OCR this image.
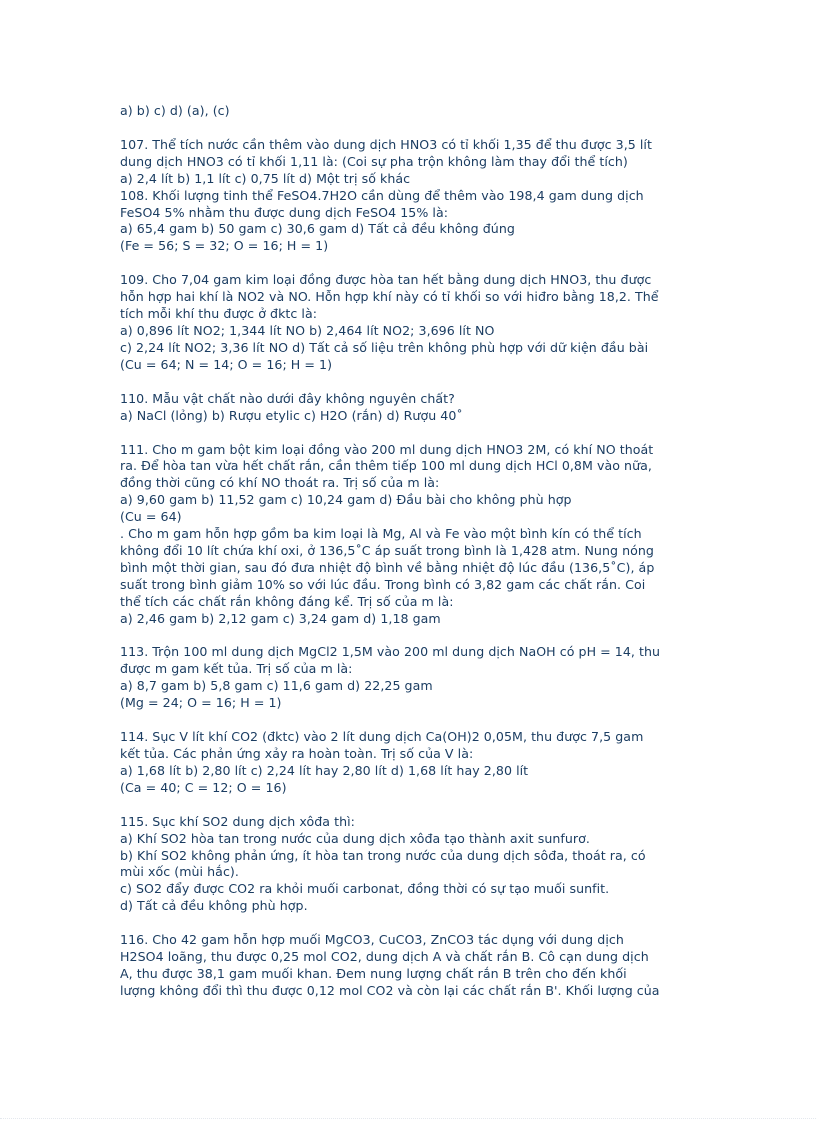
a) b) c) d) (a), (c)
107. Thể tích nước cần thêm vào dung dịch HNO3 có tỉ khối 1,35 để thu được 3,5 lít
dung dịch HNO3 có tỉ khối 1,11 là: (Coi sự pha trộn không làm thay đổi thể tích)
a) 2,4 lít b) 1,1 lít c) 0,75 lít d) Một trị số khác
108. Khối lượng tinh thể FeSO4.7H2O cần dùng để thêm vào 198,4 gam dung dịch
FeSO4 5% nhằm thu được dung dịch FeSO4 15% là:
a) 65,4 gam b) 50 gam c) 30,6 gam d) Tất cả đều không đúng
(Fe = 56; S = 32; O = 16; H = 1)
109. Cho 7,04 gam kim loại đồng được hòa tan hết bằng dung dịch HNO3, thu được
hỗn hợp hai khí là NO2 và NO. Hỗn hợp khí này có tỉ khối so với hiđro bằng 18,2. Thể
tích mỗi khí thu được ở đktc là:
a) 0,896 lít NO2; 1,344 lít NO b) 2,464 lít NO2; 3,696 lít NO
c) 2,24 lít NO2; 3,36 lít NO d) Tất cả số liệu trên không phù hợp với dữ kiện đầu bài
(Cu = 64; N = 14; O = 16; H = 1)
110. Mẫu vật chất nào dưới đây không nguyên chất?
a) NaCl (lỏng) b) Rượu etylic c) H2O (rắn) d) Rượu 40˚
111. Cho m gam bột kim loại đồng vào 200 ml dung dịch HNO3 2M, có khí NO thoát
ra. Để hòa tan vừa hết chất rắn, cần thêm tiếp 100 ml dung dịch HCl 0,8M vào nữa,
đồng thời cũng có khí NO thoát ra. Trị số của m là:
a) 9,60 gam b) 11,52 gam c) 10,24 gam d) Đầu bài cho không phù hợp
(Cu = 64)
. Cho m gam hỗn hợp gồm ba kim loại là Mg, Al và Fe vào một bình kín có thể tích
không đổi 10 lít chứa khí oxi, ở 136,5˚C áp suất trong bình là 1,428 atm. Nung nóng
bình một thời gian, sau đó đưa nhiệt độ bình về bằng nhiệt độ lúc đầu (136,5˚C), áp
suất trong bình giảm 10% so với lúc đầu. Trong bình có 3,82 gam các chất rắn. Coi
thể tích các chất rắn không đáng kể. Trị số của m là:
a) 2,46 gam b) 2,12 gam c) 3,24 gam d) 1,18 gam
113. Trộn 100 ml dung dịch MgCl2 1,5M vào 200 ml dung dịch NaOH có pH = 14, thu
được m gam kết tủa. Trị số của m là:
a) 8,7 gam b) 5,8 gam c) 11,6 gam d) 22,25 gam
(Mg = 24; O = 16; H = 1)
114. Sục V lít khí CO2 (đktc) vào 2 lít dung dịch Ca(OH)2 0,05M, thu được 7,5 gam
kết tủa. Các phản ứng xảy ra hoàn toàn. Trị số của V là:
a) 1,68 lít b) 2,80 lít c) 2,24 lít hay 2,80 lít d) 1,68 lít hay 2,80 lít
(Ca = 40; C = 12; O = 16)
115. Sục khí SO2 dung dịch xôđa thì:
a) Khí SO2 hòa tan trong nước của dung dịch xôđa tạo thành axit sunfurơ.
b) Khí SO2 không phản ứng, ít hòa tan trong nước của dung dịch sôđa, thoát ra, có
mùi xốc (mùi hắc).
c) SO2 đẩy được CO2 ra khỏi muối carbonat, đồng thời có sự tạo muối sunfit.
d) Tất cả đều không phù hợp.
116. Cho 42 gam hỗn hợp muối MgCO3, CuCO3, ZnCO3 tác dụng với dung dịch
H2SO4 loãng, thu được 0,25 mol CO2, dung dịch A và chất rắn B. Cô cạn dung dịch
A, thu được 38,1 gam muối khan. Đem nung lượng chất rắn B trên cho đến khối
lượng không đổi thì thu được 0,12 mol CO2 và còn lại các chất rắn B'. Khối lượng của
